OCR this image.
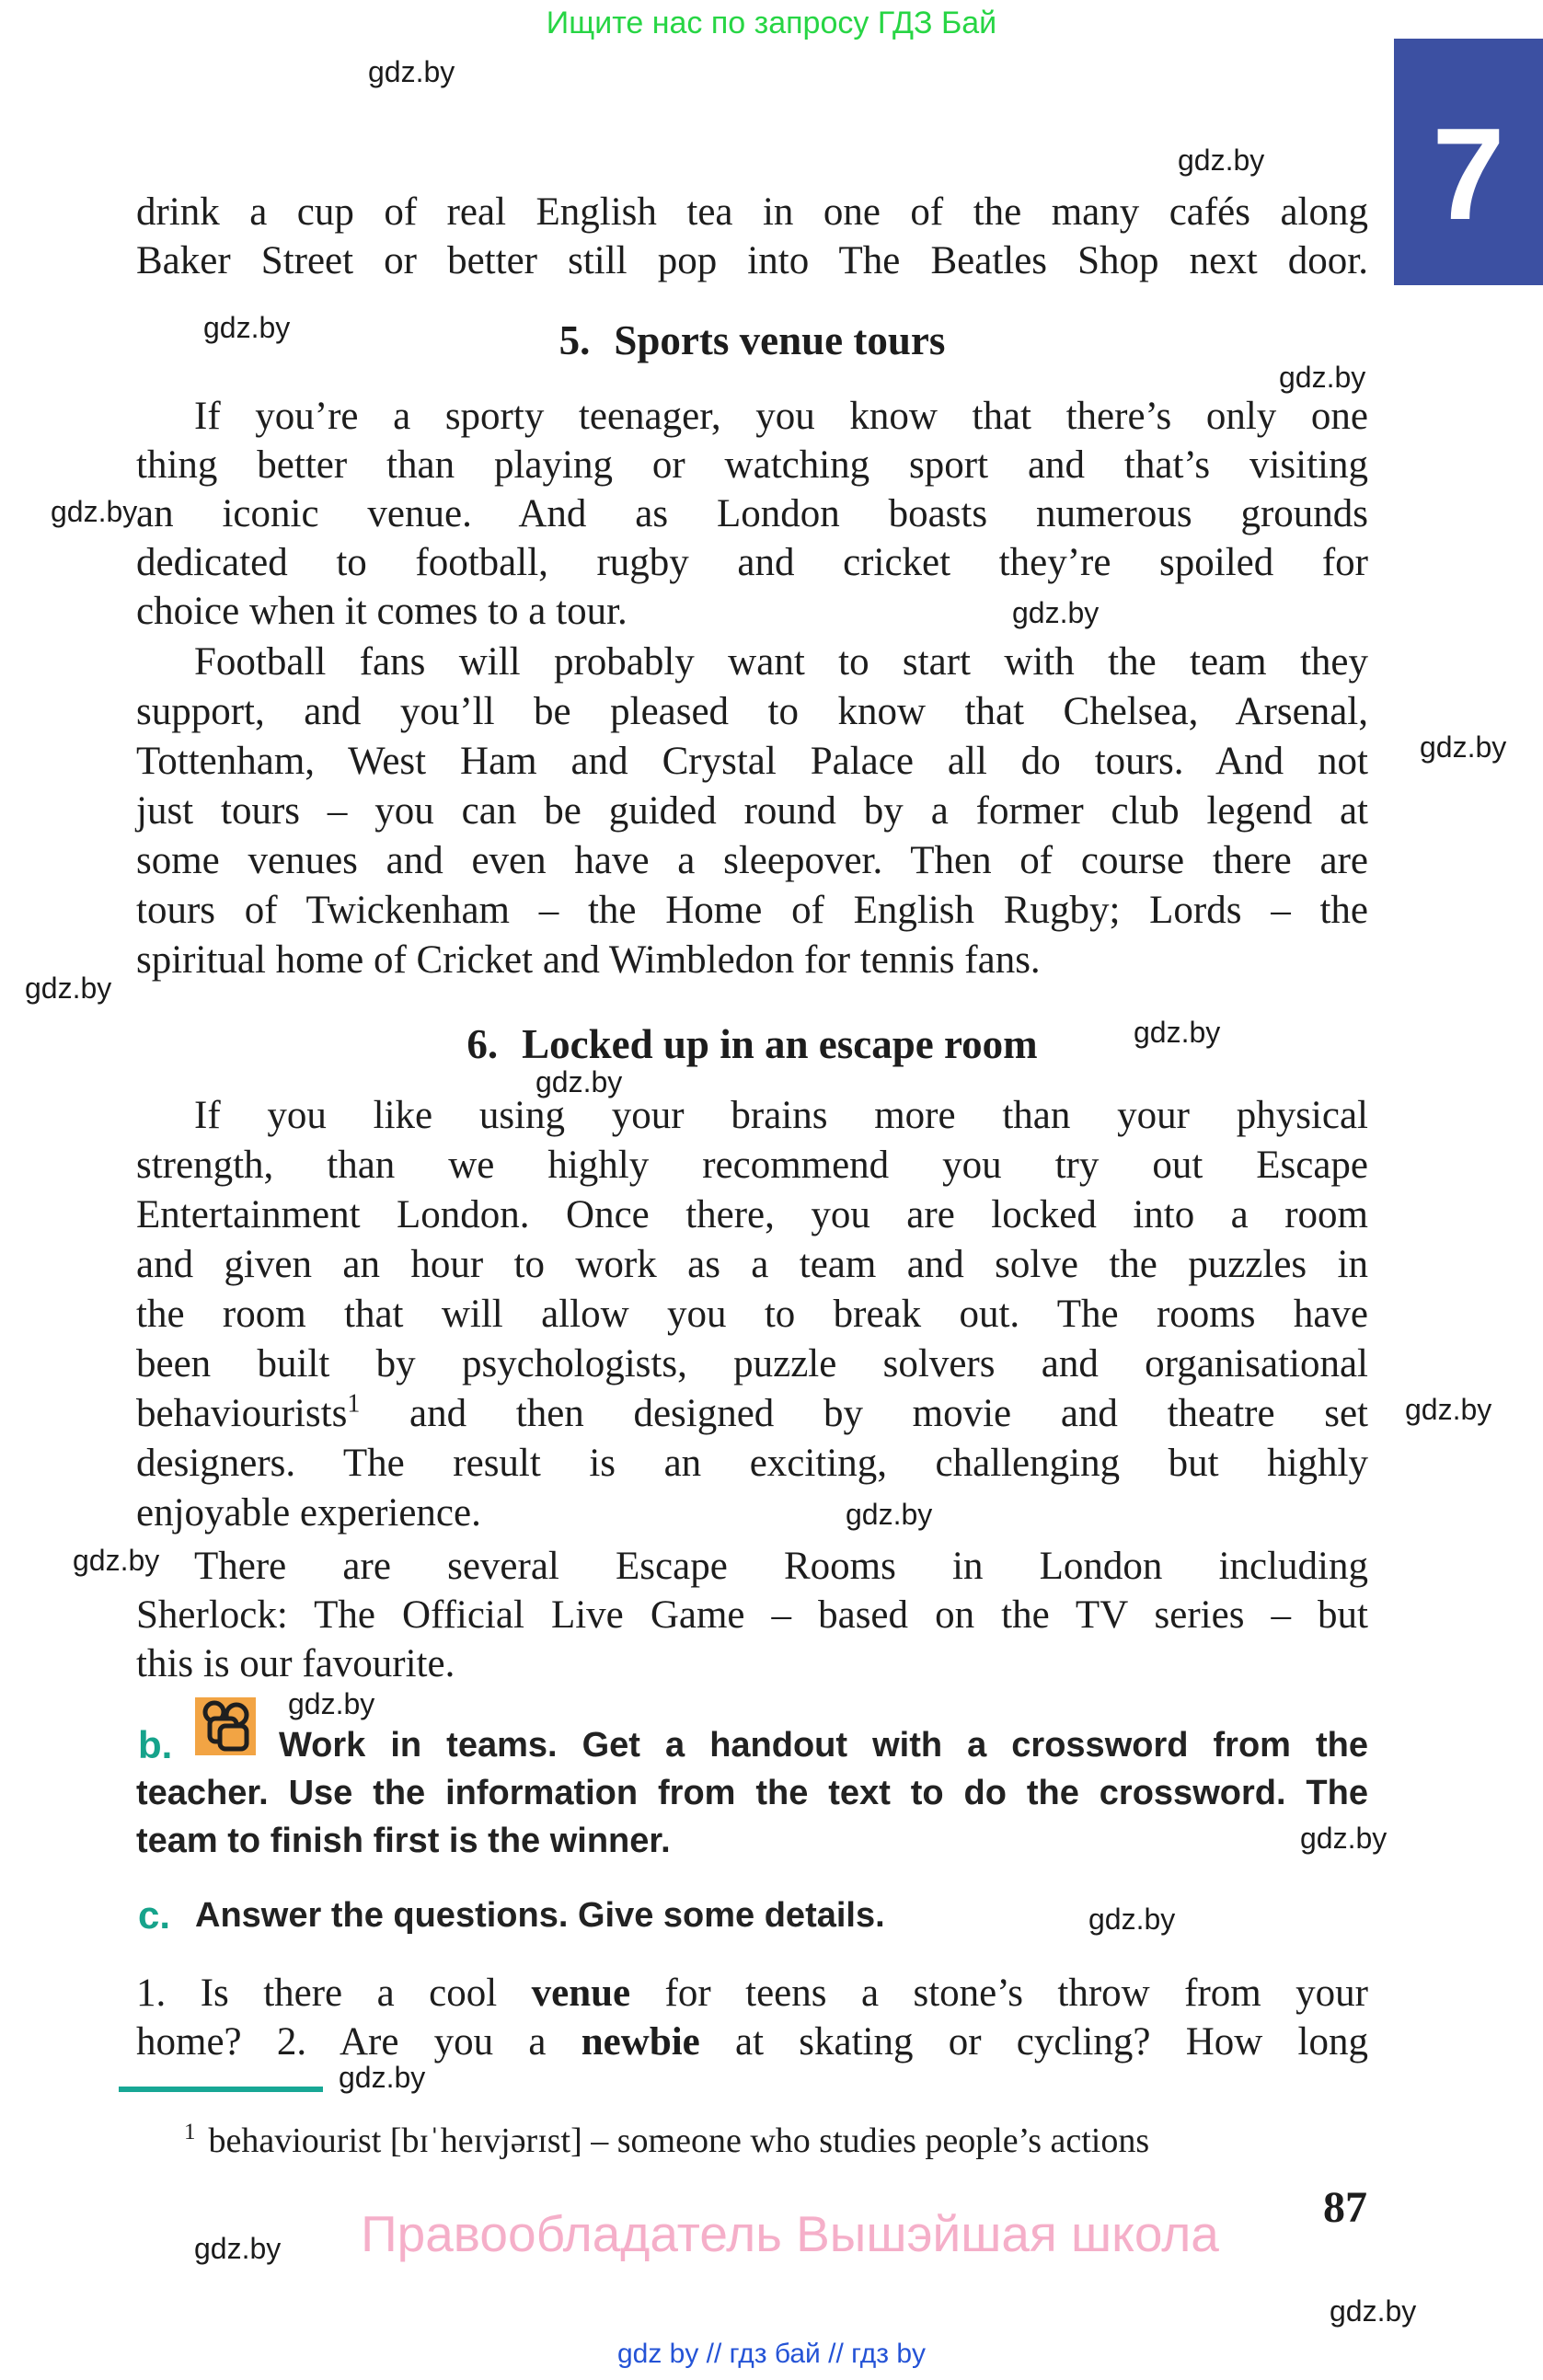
Ищите нас по запросу ГДЗ Бай
7
gdz.by
gdz.by
gdz.by
gdz.by
gdz.by
gdz.by
gdz.by
gdz.by
gdz.by
gdz.by
gdz.by
gdz.by
gdz.by
gdz.by
gdz.by
gdz.by
gdz.by
gdz.by
gdz.by
drink a cup of real English tea in one of the many cafés along
Baker Street or better still pop into The Beatles Shop next door.
5. Sports venue tours
If you’re a sporty teenager, you know that there’s only one
thing better than playing or watching sport and that’s visiting
an iconic venue. And as London boasts numerous grounds
dedicated to football, rugby and cricket they’re spoiled for
choice when it comes to a tour.
Football fans will probably want to start with the team they
support, and you’ll be pleased to know that Chelsea, Arsenal,
Tottenham, West Ham and Crystal Palace all do tours. And not
just tours – you can be guided round by a former club legend at
some venues and even have a sleepover. Then of course there are
tours of Twickenham – the Home of English Rugby; Lords – the
spiritual home of Cricket and Wimbledon for tennis fans.
6. Locked up in an escape room
If you like using your brains more than your physical
strength, than we highly recommend you try out Escape
Entertainment London. Once there, you are locked into a room
and given an hour to work as a team and solve the puzzles in
the room that will allow you to break out. The rooms have
been built by psychologists, puzzle solvers and organisational
behaviourists$^1$ and then designed by movie and theatre set
designers. The result is an exciting, challenging but highly
enjoyable experience.
There are several Escape Rooms in London including
Sherlock: The Official Live Game – based on the TV series – but
this is our favourite.
b.	Work in teams. Get a handout with a crossword from the
teacher. Use the information from the text to do the crossword. The
team to finish first is the winner.
c. Answer the questions. Give some details.
1. Is there a cool venue for teens a stone’s throw from your
home? 2. Are you a newbie at skating or cycling? How long
$^1$ behaviourist [bɪˈheɪvjərɪst] – someone who studies people’s actions
87
Правообладатель Вышэйшая школа
gdz by // гдз бай // гдз by
